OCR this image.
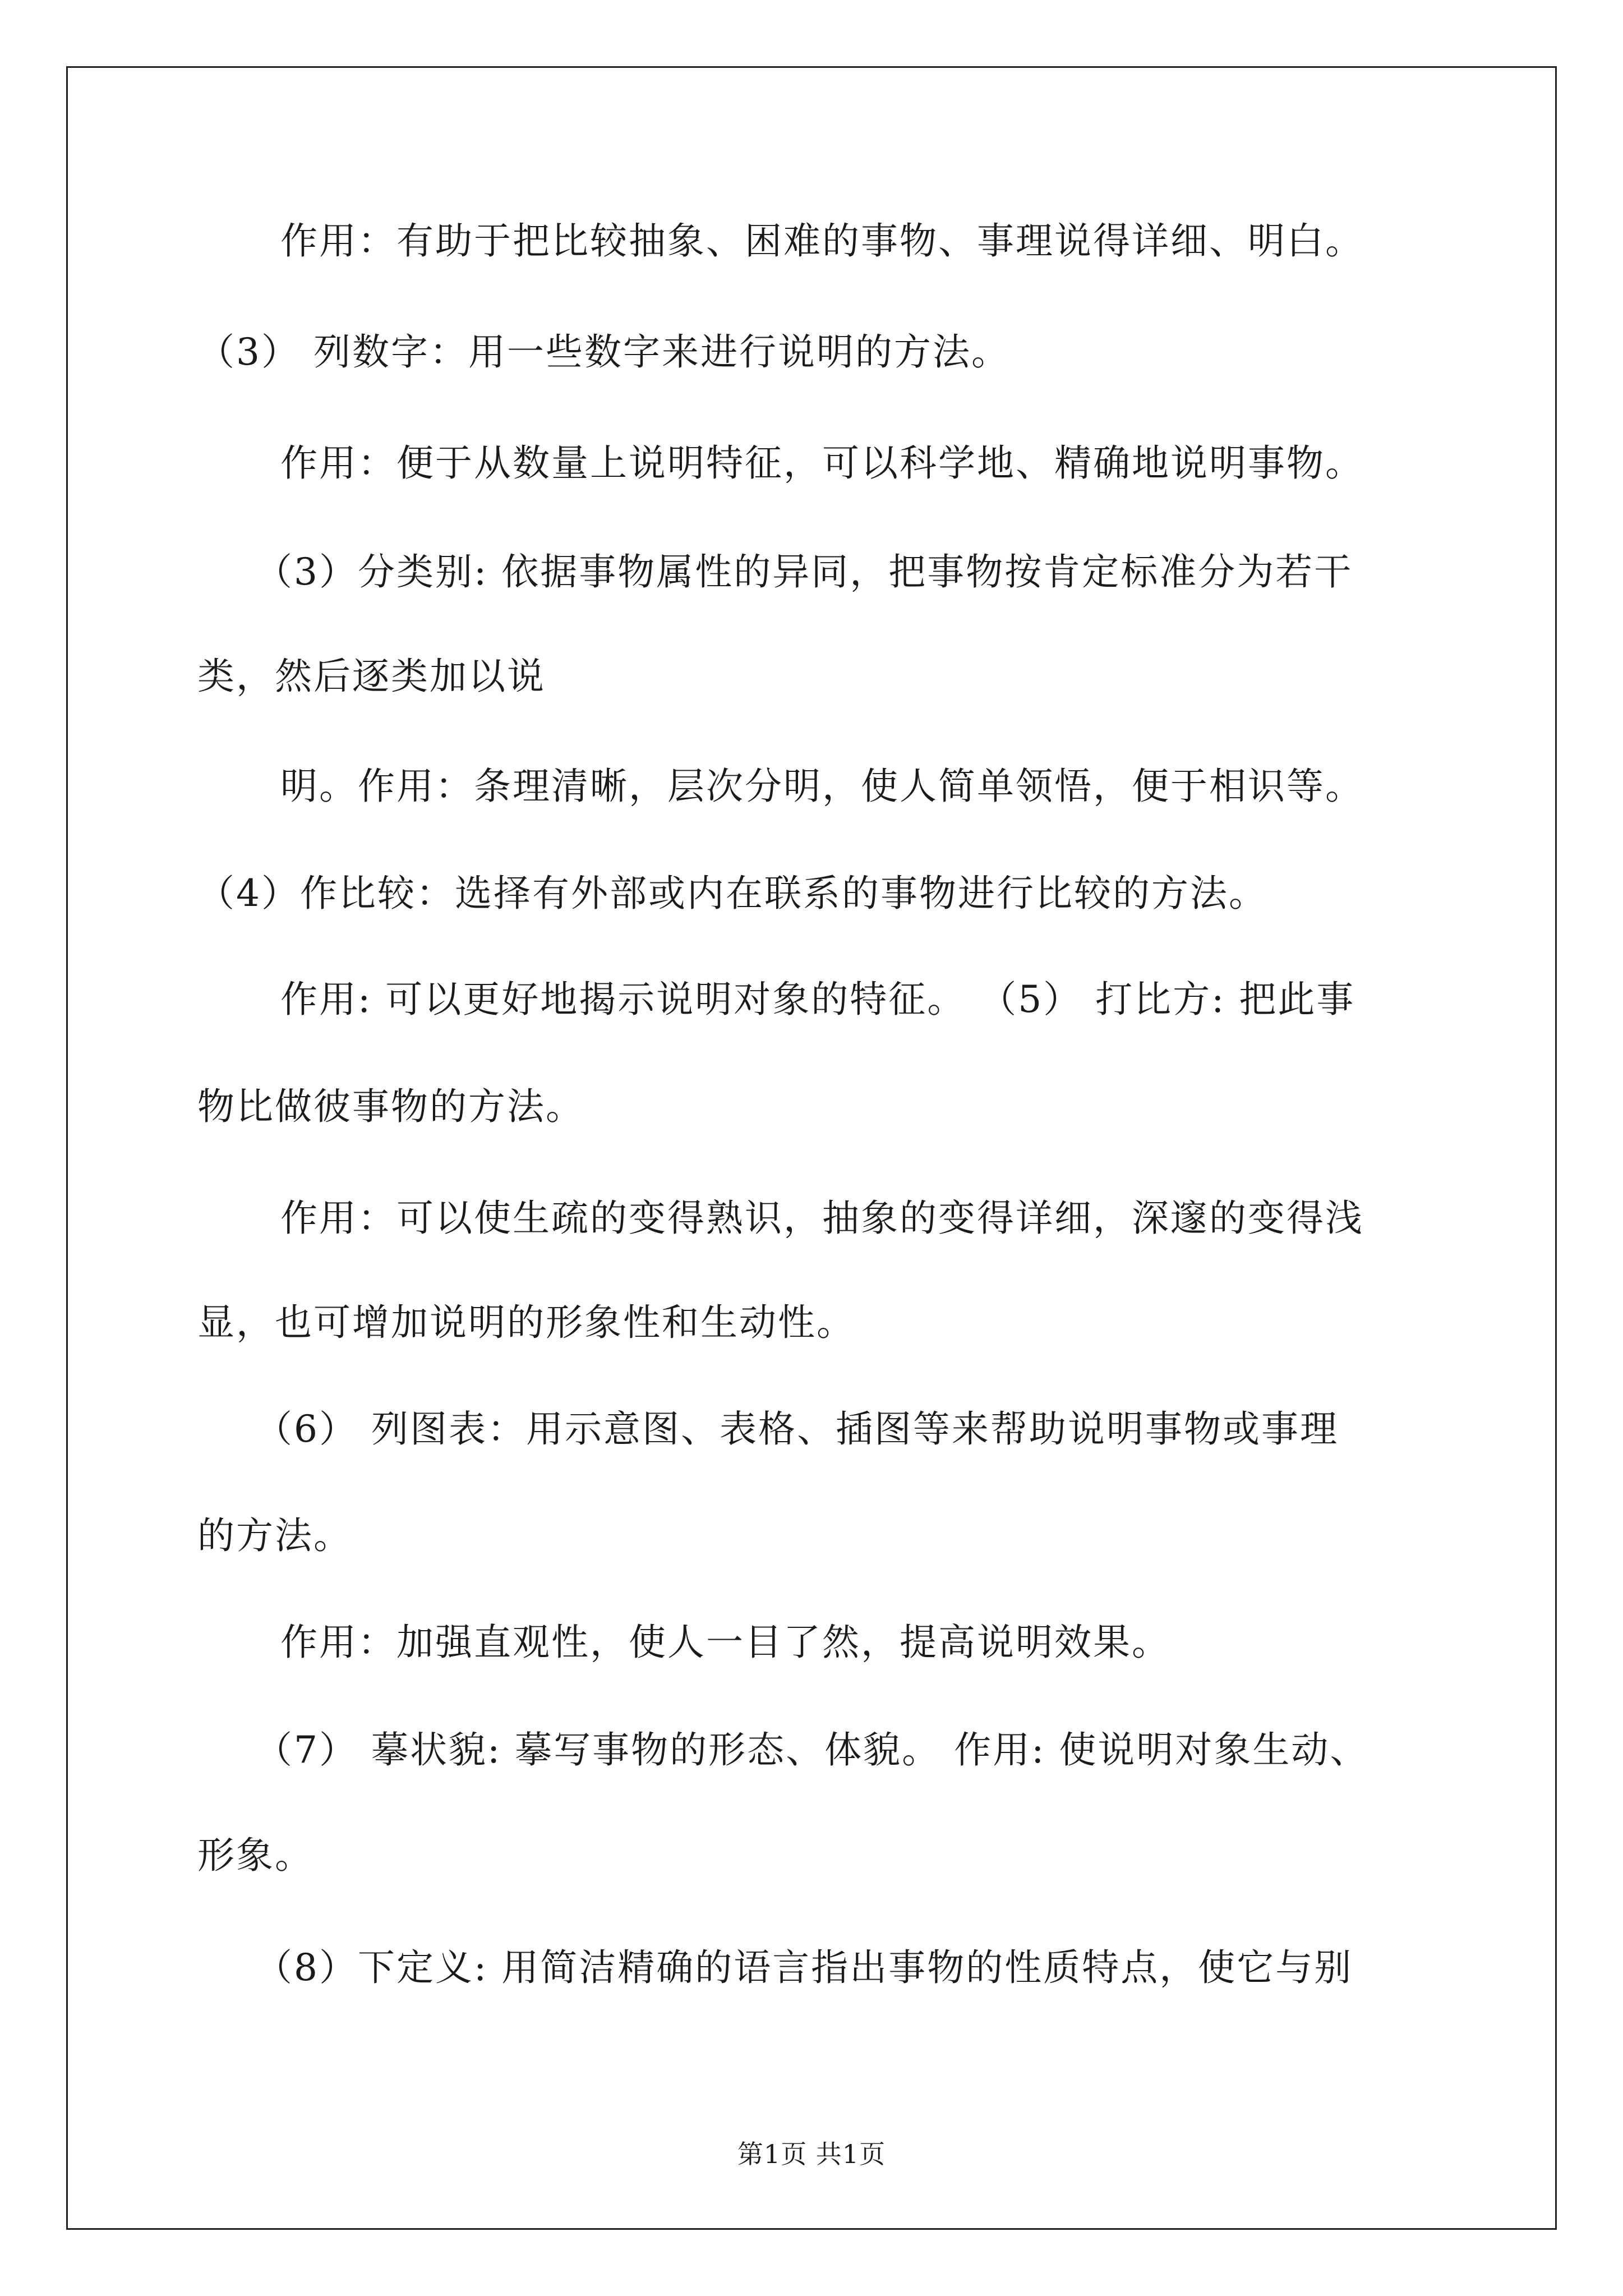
作用：有助于把比较抽象、困难的事物、事理说得详细、明白。
（3） 列数字：用一些数字来进行说明的方法。
作用：便于从数量上说明特征，可以科学地、精确地说明事物。
（3）分类别: 依据事物属性的异同，把事物按肯定标准分为若干
类，然后逐类加以说
明。作用：条理清晰，层次分明，使人简单领悟，便于相识等。
（4）作比较：选择有外部或内在联系的事物进行比较的方法。
作用: 可以更好地揭示说明对象的特征。 （5） 打比方: 把此事
物比做彼事物的方法。
作用：可以使生疏的变得熟识，抽象的变得详细，深邃的变得浅
显，也可增加说明的形象性和生动性。
（6） 列图表：用示意图、表格、插图等来帮助说明事物或事理
的方法。
作用：加强直观性，使人一目了然，提高说明效果。
（7） 摹状貌: 摹写事物的形态、体貌。 作用: 使说明对象生动、
形象。
（8）下定义: 用简洁精确的语言指出事物的性质特点，使它与别
第1页 共1页
